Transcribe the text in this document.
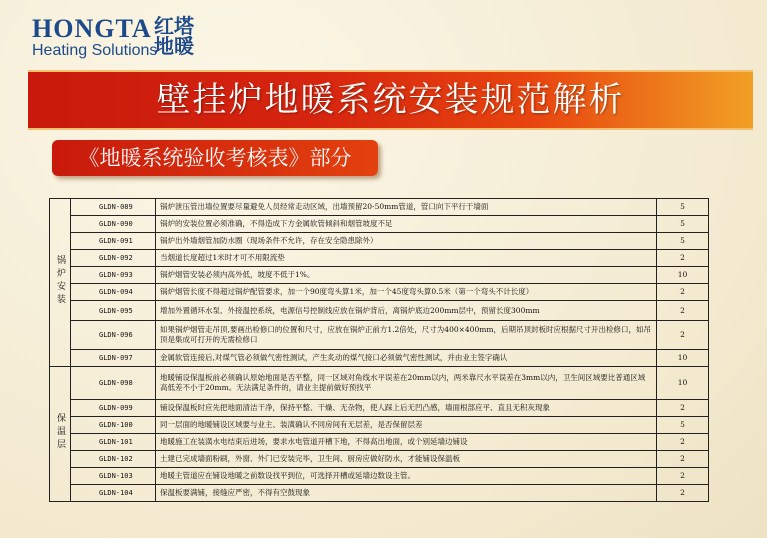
HONGTA
Heating Solutions
红塔地暖
壁挂炉地暖系统安装规范解析
《地暖系统验收考核表》部分
锅炉安装	GLDN-089	锅炉泄压管出墙位置要尽量避免人员经常走动区域，出墙预留20-50mm管道，管口向下平行于墙面	5
	GLDN-090	锅炉的安装位置必须准确，不得造成下方金属软管倾斜和烟管坡度不足	5
	GLDN-091	锅炉出外墙烟管加防水圈（现场条件不允许，存在安全隐患除外）	5
	GLDN-092	当烟道长度超过1米时才可不用限流垫	2
	GLDN-093	锅炉烟管安装必须内高外低，坡度不低于1%。	10
	GLDN-094	锅炉烟管长度不得超过锅炉配管要求，加一个90度弯头算1米，加一个45度弯头算0.5米（第一个弯头不计长度）	2
	GLDN-095	增加外置循环水泵、外接温控系统，电源信号控制线应放在锅炉背后，离锅炉底边200mm层中，预留长度300mm	2
	GLDN-096	如果锅炉烟管走吊顶,要画出检修口的位置和尺寸，应放在锅炉正前方1.2倍处，尺寸为400×400mm，后期吊顶封板时应根据尺寸开出检修口，如吊顶是集成可打开的无需检修口	2
	GLDN-097	金属软管连接后,对煤气管必须做气密性测试，产生炙动的煤气接口必须做气密性测试，并由业主签字确认	10
保温层	GLDN-098	地暖铺设保温板前必须确认原始地面是否平整，同一区域对角线水平误差在20mm以内，两米靠尺水平误差在3mm以内，卫生间区域要比普通区域高低差不小于20mm。无法满足条件的，请业主提前做好预找平	10
	GLDN-099	铺设保温板时应先把地面清洁干净，保持平整、干燥、无杂物，使人踩上后无凹凸感，墙面根部应平、直且无积灰现象	2
	GLDN-100	同一层面的地暖铺设区域要与业主、装潢确认不同房间有无层差，是否保留层差	5
	GLDN-101	地暖施工在装潢水电结束后进场，要求水电管道开槽下地，不得高出地面，或个别延墙边铺设	2
	GLDN-102	土建已完成墙面粉刷，外窗、外门已安装完毕，卫生间、厨房应做好防水，才能铺设保温板	2
	GLDN-103	地暖主管道应在铺设地暖之前数设找平到位，可选择开槽或延墙边数设主管。	2
	GLDN-104	保温板要满铺，接缝应严密，不得有空鼓现象	2
